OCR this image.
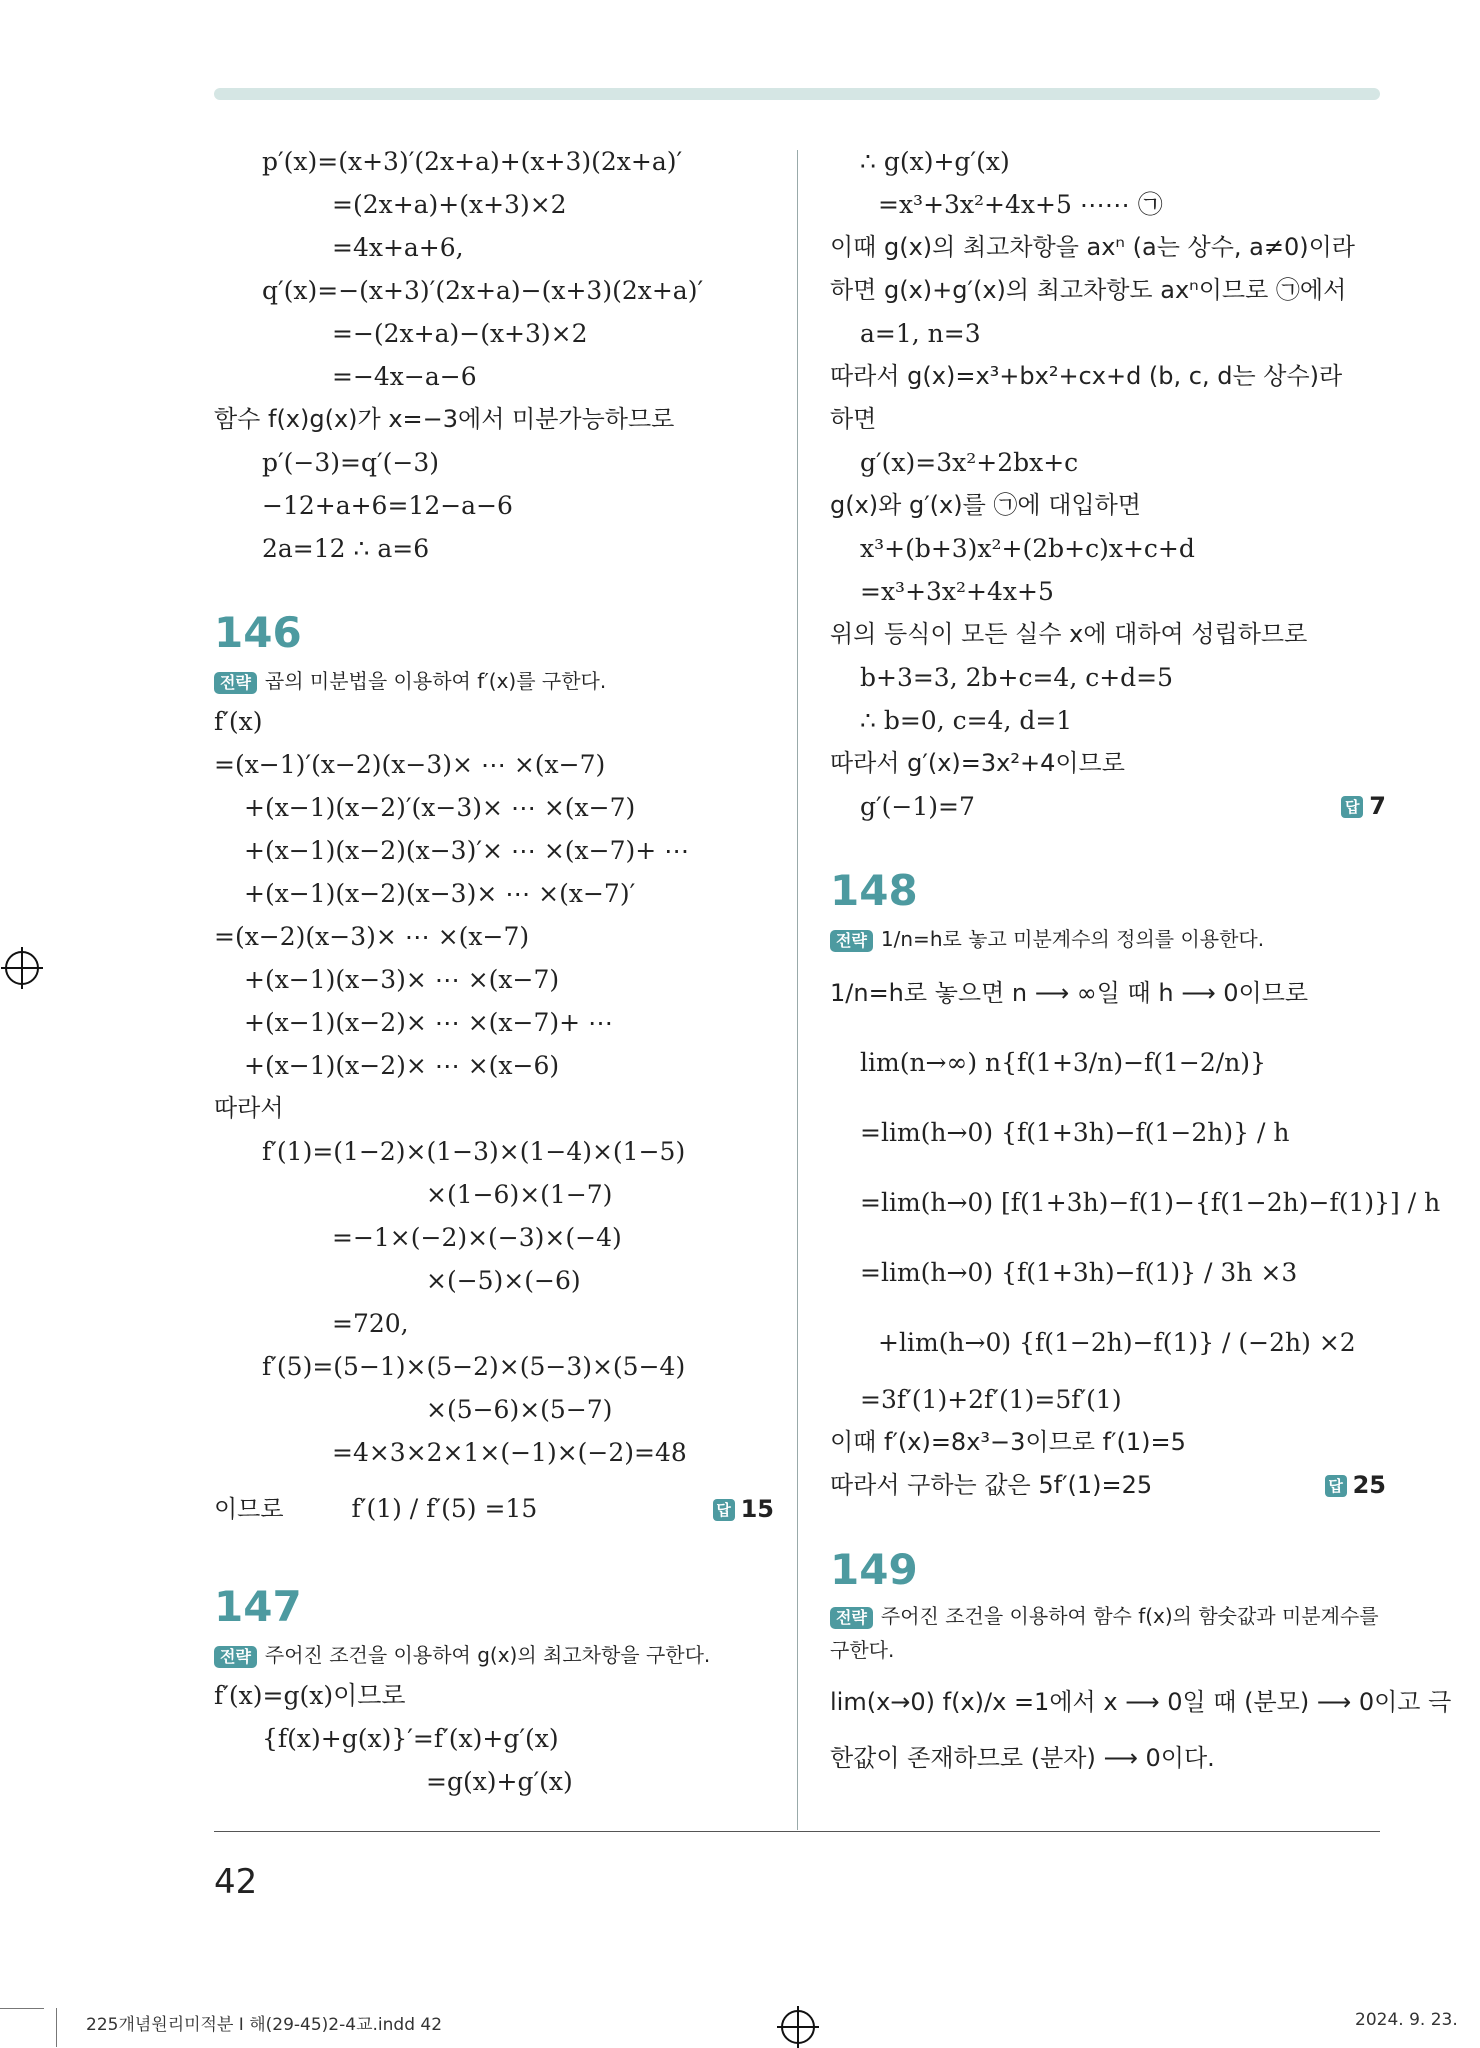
p′(x)=(x+3)′(2x+a)+(x+3)(2x+a)′
=(2x+a)+(x+3)×2
=4x+a+6,
q′(x)=−(x+3)′(2x+a)−(x+3)(2x+a)′
=−(2x+a)−(x+3)×2
=−4x−a−6
함수 f(x)g(x)가 x=−3에서 미분가능하므로
p′(−3)=q′(−3)
−12+a+6=12−a−6
2a=12 ∴ a=6
146
전략 곱의 미분법을 이용하여 f′(x)를 구한다.
f′(x)
=(x−1)′(x−2)(x−3)× ⋯ ×(x−7)
+(x−1)(x−2)′(x−3)× ⋯ ×(x−7)
+(x−1)(x−2)(x−3)′× ⋯ ×(x−7)+ ⋯
+(x−1)(x−2)(x−3)× ⋯ ×(x−7)′
=(x−2)(x−3)× ⋯ ×(x−7)
+(x−1)(x−3)× ⋯ ×(x−7)
+(x−1)(x−2)× ⋯ ×(x−7)+ ⋯
+(x−1)(x−2)× ⋯ ×(x−6)
따라서
f′(1)=(1−2)×(1−3)×(1−4)×(1−5)
×(1−6)×(1−7)
=−1×(−2)×(−3)×(−4)
×(−5)×(−6)
=720,
f′(5)=(5−1)×(5−2)×(5−3)×(5−4)
×(5−6)×(5−7)
=4×3×2×1×(−1)×(−2)=48
이므로	f′(1) / f′(5) =15	답 15
147
전략 주어진 조건을 이용하여 g(x)의 최고차항을 구한다.
f′(x)=g(x)이므로
{f(x)+g(x)}′=f′(x)+g′(x)
=g(x)+g′(x)
∴ g(x)+g′(x)
=x³+3x²+4x+5 ⋯⋯ ㉠
이때 g(x)의 최고차항을 axⁿ (a는 상수, a≠0)이라
하면 g(x)+g′(x)의 최고차항도 axⁿ이므로 ㉠에서
a=1, n=3
따라서 g(x)=x³+bx²+cx+d (b, c, d는 상수)라
하면
g′(x)=3x²+2bx+c
g(x)와 g′(x)를 ㉠에 대입하면
x³+(b+3)x²+(2b+c)x+c+d
=x³+3x²+4x+5
위의 등식이 모든 실수 x에 대하여 성립하므로
b+3=3, 2b+c=4, c+d=5
∴ b=0, c=4, d=1
따라서 g′(x)=3x²+4이므로
g′(−1)=7	답 7
148
전략 1/n=h로 놓고 미분계수의 정의를 이용한다.
1/n=h로 놓으면 n ⟶ ∞일 때 h ⟶ 0이므로
lim(n→∞) n{f(1+3/n)−f(1−2/n)}
=lim(h→0) {f(1+3h)−f(1−2h)} / h
=lim(h→0) [f(1+3h)−f(1)−{f(1−2h)−f(1)}] / h
=lim(h→0) {f(1+3h)−f(1)} / 3h ×3
+lim(h→0) {f(1−2h)−f(1)} / (−2h) ×2
=3f′(1)+2f′(1)=5f′(1)
이때 f′(x)=8x³−3이므로 f′(1)=5
따라서 구하는 값은 5f′(1)=25	답 25
149
전략 주어진 조건을 이용하여 함수 f(x)의 함숫값과 미분계수를 구한다.
lim(x→0) f(x)/x =1에서 x ⟶ 0일 때 (분모) ⟶ 0이고 극
한값이 존재하므로 (분자) ⟶ 0이다.
42
225개념원리미적분 I 해(29-45)2-4교.indd 42	2024. 9. 23.
